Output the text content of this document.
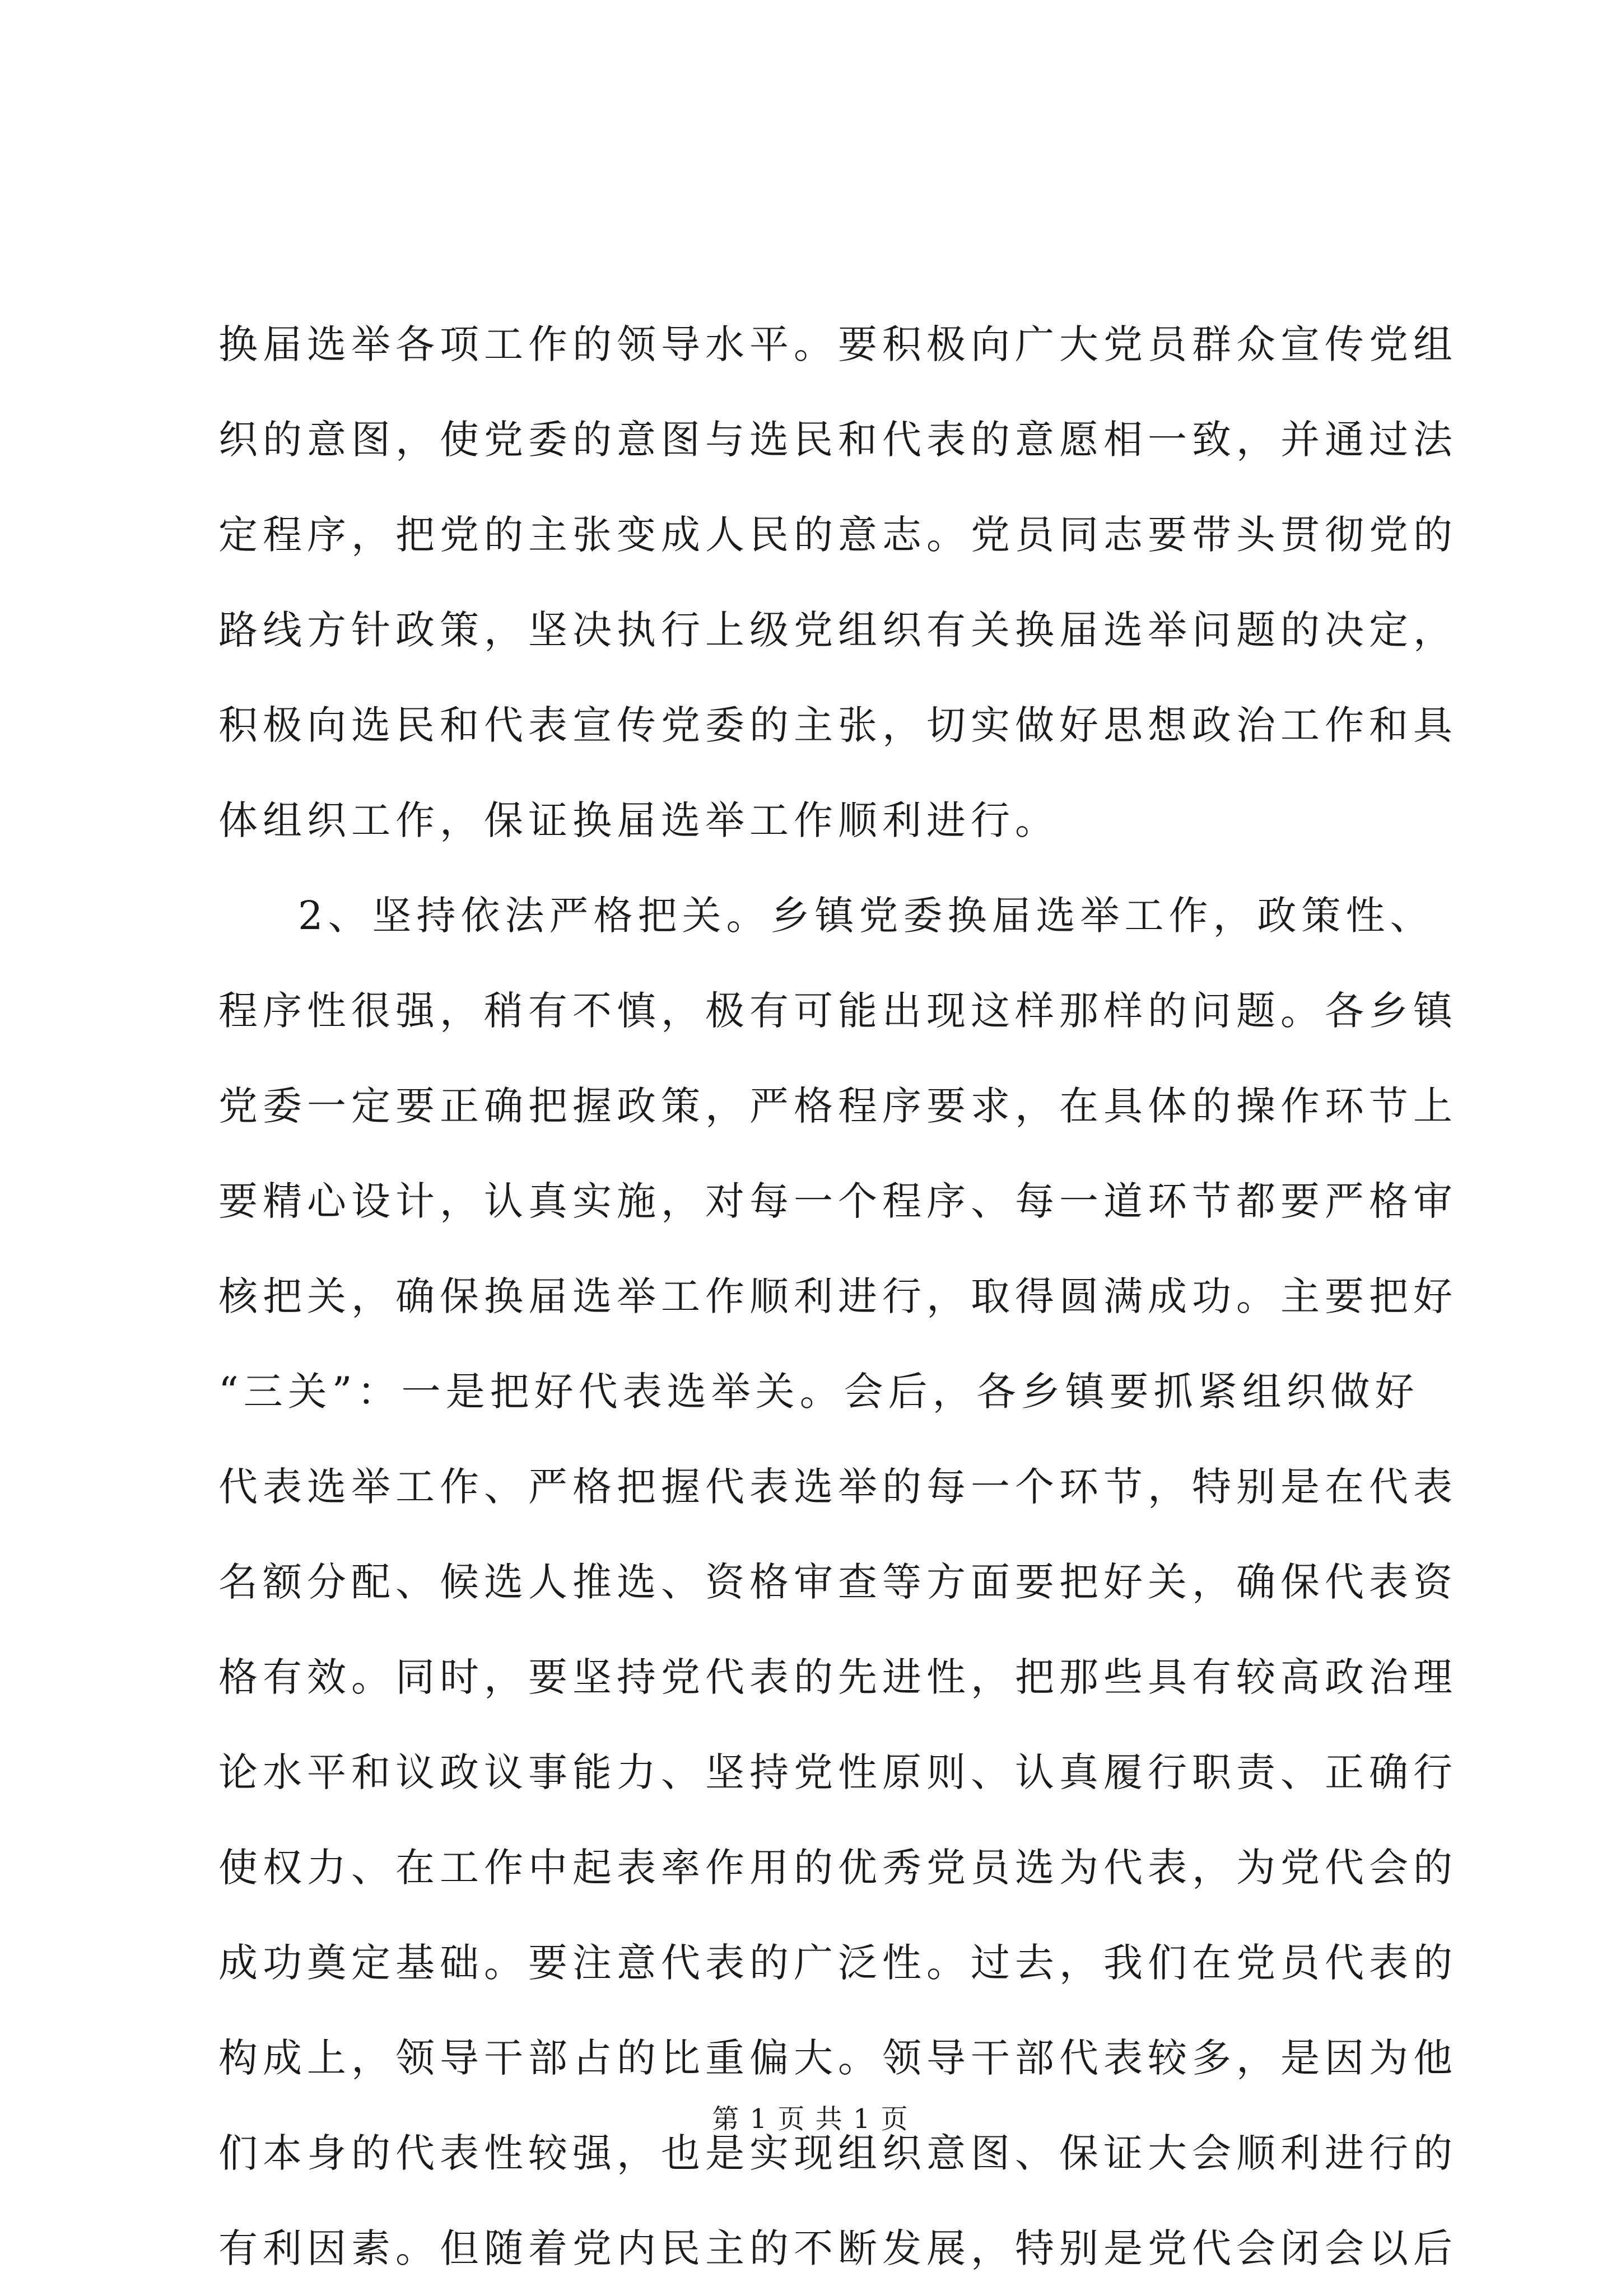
换届选举各项工作的领导水平。要积极向广大党员群众宣传党组
织的意图，使党委的意图与选民和代表的意愿相一致，并通过法
定程序，把党的主张变成人民的意志。党员同志要带头贯彻党的
路线方针政策，坚决执行上级党组织有关换届选举问题的决定，
积极向选民和代表宣传党委的主张，切实做好思想政治工作和具
体组织工作，保证换届选举工作顺利进行。
2、坚持依法严格把关。乡镇党委换届选举工作，政策性、
程序性很强，稍有不慎，极有可能出现这样那样的问题。各乡镇
党委一定要正确把握政策，严格程序要求，在具体的操作环节上
要精心设计，认真实施，对每一个程序、每一道环节都要严格审
核把关，确保换届选举工作顺利进行，取得圆满成功。主要把好
“三关”：一是把好代表选举关。会后，各乡镇要抓紧组织做好
代表选举工作、严格把握代表选举的每一个环节，特别是在代表
名额分配、候选人推选、资格审查等方面要把好关，确保代表资
格有效。同时，要坚持党代表的先进性，把那些具有较高政治理
论水平和议政议事能力、坚持党性原则、认真履行职责、正确行
使权力、在工作中起表率作用的优秀党员选为代表，为党代会的
成功奠定基础。要注意代表的广泛性。过去，我们在党员代表的
构成上，领导干部占的比重偏大。领导干部代表较多，是因为他
们本身的代表性较强，也是实现组织意图、保证大会顺利进行的
有利因素。但随着党内民主的不断发展，特别是党代会闭会以后
第 1 页 共 1 页
